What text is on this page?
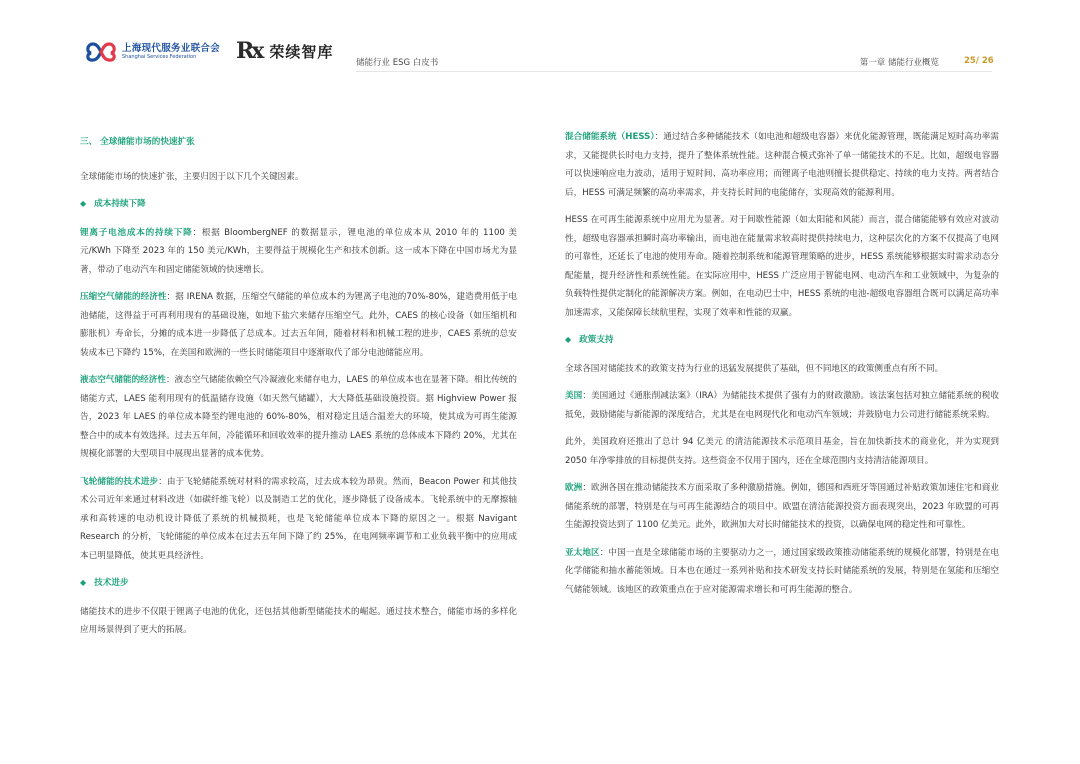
上海现代服务业联合会
Shanghai Services Federation	Rx 荣续智库
储能行业 ESG 白皮书	第一章 储能行业概览	25/ 26
三、 全球储能市场的快速扩张

全球储能市场的快速扩张，主要归因于以下几个关键因素。

◆ 成本持续下降

锂离子电池成本的持续下降：根据 BloombergNEF 的数据显示，锂电池的单位成本从 2010 年的 1100 美元/KWh 下降至 2023 年的 150 美元/KWh，主要得益于规模化生产和技术创新。这一成本下降在中国市场尤为显著，带动了电动汽车和固定储能领域的快速增长。

压缩空气储能的经济性：据 IRENA 数据，压缩空气储能的单位成本约为锂离子电池的70%-80%，建造费用低于电池储能，这得益于可再利用现有的基础设施，如地下盐穴来储存压缩空气。此外，CAES 的核心设备（如压缩机和膨胀机）寿命长，分摊的成本进一步降低了总成本。过去五年间，随着材料和机械工程的进步，CAES 系统的总安装成本已下降约 15%，在美国和欧洲的一些长时储能项目中逐渐取代了部分电池储能应用。

液态空气储能的经济性：液态空气储能依赖空气冷凝液化来储存电力，LAES 的单位成本也在显著下降。相比传统的储能方式，LAES 能利用现有的低温储存设施（如天然气储罐），大大降低基础设施投资。据 Highview Power 报告，2023 年 LAES 的单位成本降至约锂电池的 60%-80%，相对稳定且适合温差大的环境，使其成为可再生能源整合中的成本有效选择。过去五年间，冷能循环和回收效率的提升推动 LAES 系统的总体成本下降约 20%，尤其在规模化部署的大型项目中展现出显著的成本优势。

飞轮储能的技术进步：由于飞轮储能系统对材料的需求较高，过去成本较为昂贵。然而，Beacon Power 和其他技术公司近年来通过材料改进（如碳纤维飞轮）以及制造工艺的优化，逐步降低了设备成本。飞轮系统中的无摩擦轴承和高转速的电动机设计降低了系统的机械损耗，也是飞轮储能单位成本下降的原因之一。根据 Navigant Research 的分析，飞轮储能的单位成本在过去五年间下降了约 25%，在电网频率调节和工业负载平衡中的应用成本已明显降低，使其更具经济性。

◆ 技术进步

储能技术的进步不仅限于锂离子电池的优化，还包括其他新型储能技术的崛起。通过技术整合，储能市场的多样化应用场景得到了更大的拓展。

混合储能系统（HESS）：通过结合多种储能技术（如电池和超级电容器）来优化能源管理，既能满足短时高功率需求，又能提供长时电力支持，提升了整体系统性能。这种混合模式弥补了单一储能技术的不足。比如，超级电容器可以快速响应电力波动，适用于短时间、高功率应用；而锂离子电池则擅长提供稳定、持续的电力支持。两者结合后，HESS 可满足频繁的高功率需求，并支持长时间的电能储存，实现高效的能源利用。

HESS 在可再生能源系统中应用尤为显著。对于间歇性能源（如太阳能和风能）而言，混合储能能够有效应对波动性，超级电容器承担瞬时高功率输出，而电池在能量需求较高时提供持续电力，这种层次化的方案不仅提高了电网的可靠性，还延长了电池的使用寿命。随着控制系统和能源管理策略的进步，HESS 系统能够根据实时需求动态分配能量，提升经济性和系统性能。在实际应用中，HESS 广泛应用于智能电网、电动汽车和工业领域中，为复杂的负载特性提供定制化的能源解决方案。例如，在电动巴士中，HESS 系统的电池-超级电容器组合既可以满足高功率加速需求，又能保障长续航里程，实现了效率和性能的双赢。

◆ 政策支持

全球各国对储能技术的政策支持为行业的迅猛发展提供了基础，但不同地区的政策侧重点有所不同。

美国：美国通过《通胀削减法案》（IRA）为储能技术提供了强有力的财政激励。该法案包括对独立储能系统的税收抵免，鼓励储能与新能源的深度结合，尤其是在电网现代化和电动汽车领域；并鼓励电力公司进行储能系统采购。

此外，美国政府还推出了总计 94 亿美元 的清洁能源技术示范项目基金，旨在加快新技术的商业化，并为实现到 2050 年净零排放的目标提供支持。这些资金不仅用于国内，还在全球范围内支持清洁能源项目。

欧洲：欧洲各国在推动储能技术方面采取了多种激励措施。例如，德国和西班牙等国通过补贴政策加速住宅和商业储能系统的部署，特别是在与可再生能源结合的项目中。欧盟在清洁能源投资方面表现突出，2023 年欧盟的可再生能源投资达到了 1100 亿美元。此外，欧洲加大对长时储能技术的投资，以确保电网的稳定性和可靠性。

亚太地区：中国一直是全球储能市场的主要驱动力之一，通过国家级政策推动储能系统的规模化部署，特别是在电化学储能和抽水蓄能领域。日本也在通过一系列补贴和技术研发支持长时储能系统的发展，特别是在氢能和压缩空气储能领域。该地区的政策重点在于应对能源需求增长和可再生能源的整合。
